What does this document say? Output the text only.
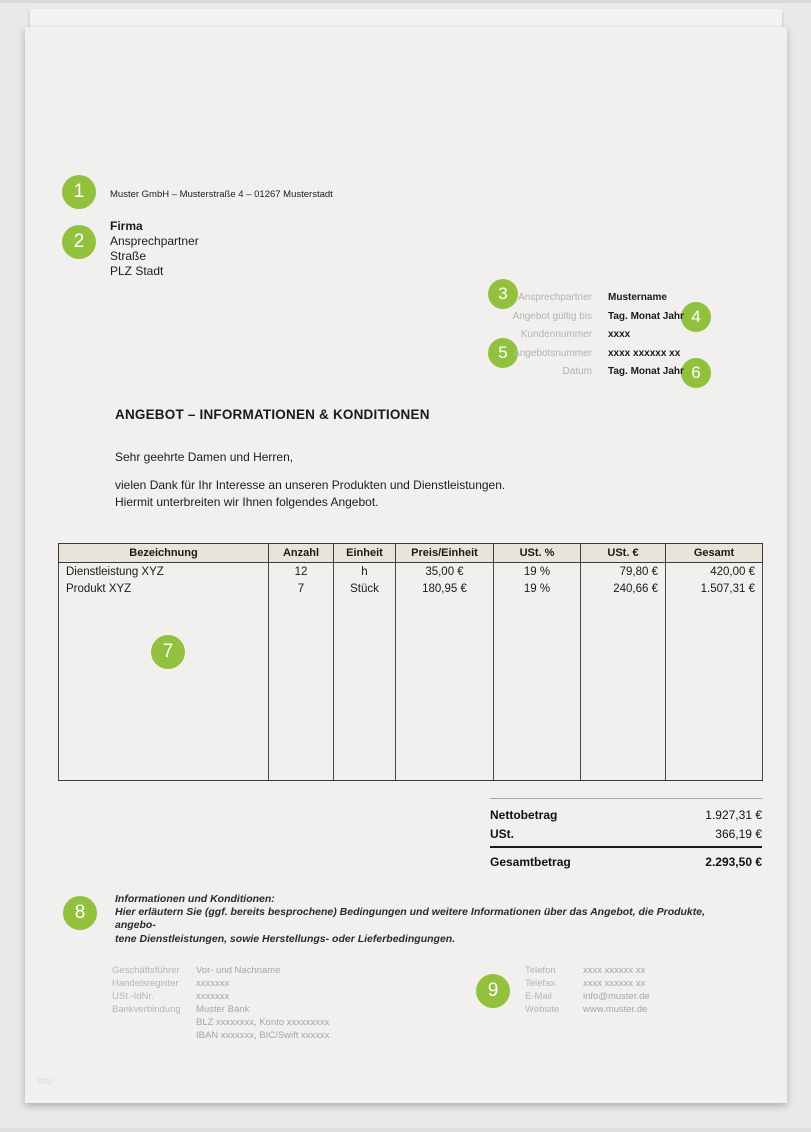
1
2
3
4
5
6
7
8
9
Muster GmbH – Musterstraße 4 – 01267 Musterstadt
Firma
Ansprechpartner
Straße
PLZ Stadt
Ansprechpartner Mustername
Angebot gültig bis Tag. Monat Jahr
Kundennummer xxxx
Angebotsnummer xxxx xxxxxx xx
Datum Tag. Monat Jahr
ANGEBOT – INFORMATIONEN & KONDITIONEN
Sehr geehrte Damen und Herren,
vielen Dank für Ihr Interesse an unseren Produkten und Dienstleistungen.
Hiermit unterbreiten wir Ihnen folgendes Angebot.
Bezeichnung	Anzahl	Einheit	Preis/Einheit	USt. %	USt. €	Gesamt
Dienstleistung XYZ	12	h	35,00 €	19 %	79,80 €	420,00 €
Produkt XYZ	7	Stück	180,95 €	19 %	240,66 €	1.507,31 €

Nettobetrag	1.927,31 €
USt.	366,19 €
Gesamtbetrag	2.293,50 €
Informationen und Konditionen:
Hier erläutern Sie (ggf. bereits besprochene) Bedingungen und weitere Informationen über das Angebot, die Produkte, angebo-
tene Dienstleistungen, sowie Herstellungs- oder Lieferbedingungen.
Geschäftsführer	Vor- und Nachname
Handelsregister	xxxxxxx
USt.-IdNr.	xxxxxxx
Bankverbindung	Muster Bank
BLZ xxxxxxxx, Konto xxxxxxxxx
IBAN xxxxxxx, BIC/Swift xxxxxx
Telefon	xxxx xxxxxx xx
Telefax	xxxx xxxxxx xx
E-Mail	info@muster.de
Website	www.muster.de
http
